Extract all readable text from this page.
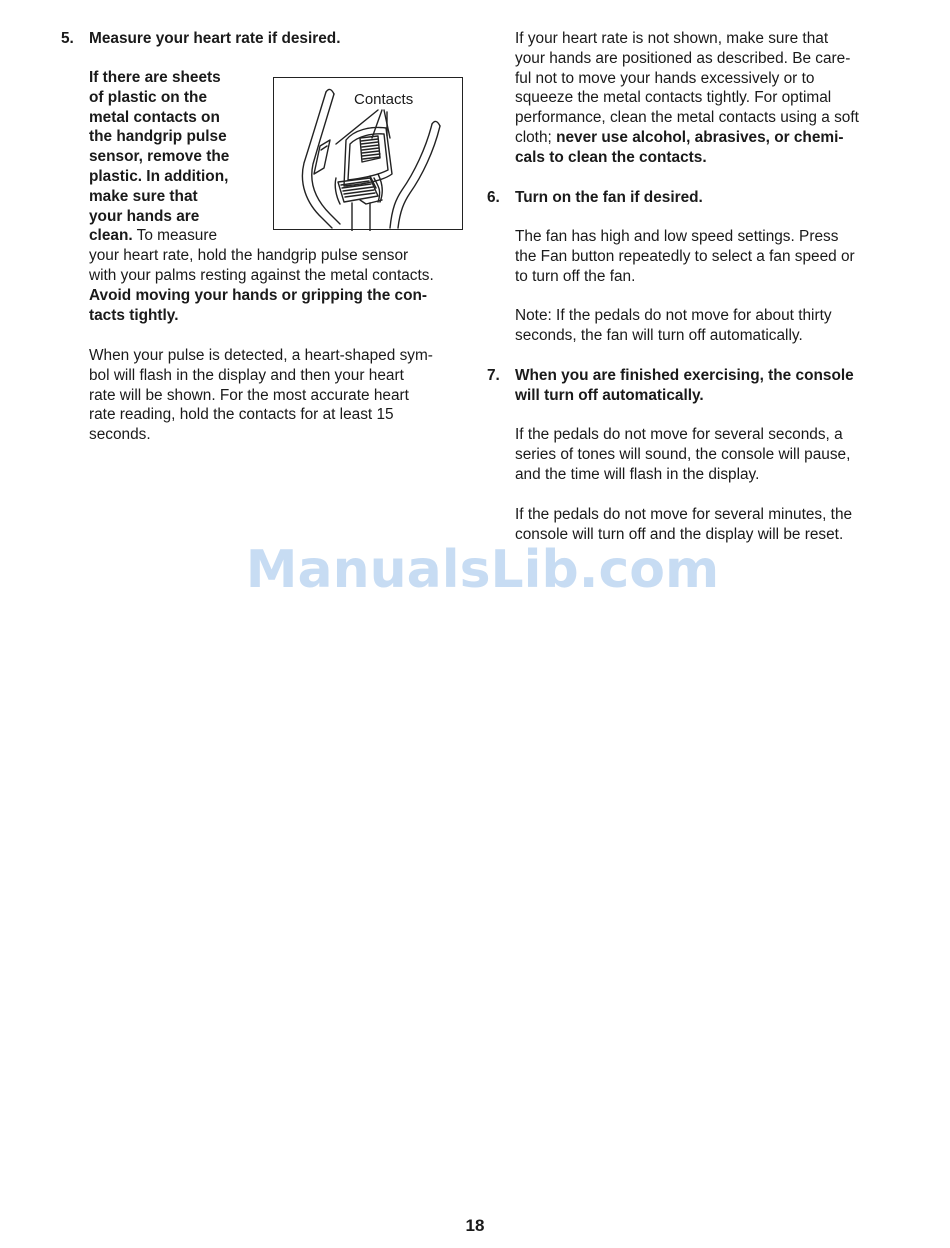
5. Measure your heart rate if desired.
If there are sheets
of plastic on the
metal contacts on
the handgrip pulse
sensor, remove the
plastic. In addition,
make sure that
your hands are
clean. To measure
your heart rate, hold the handgrip pulse sensor
with your palms resting against the metal contacts.
Avoid moving your hands or gripping the con-
tacts tightly.
When your pulse is detected, a heart-shaped sym-
bol will flash in the display and then your heart
rate will be shown. For the most accurate heart
rate reading, hold the contacts for at least 15
seconds.
Contacts
If your heart rate is not shown, make sure that
your hands are positioned as described. Be care-
ful not to move your hands excessively or to
squeeze the metal contacts tightly. For optimal
performance, clean the metal contacts using a soft
cloth; never use alcohol, abrasives, or chemi-
cals to clean the contacts.
6. Turn on the fan if desired.
The fan has high and low speed settings. Press
the Fan button repeatedly to select a fan speed or
to turn off the fan.
Note: If the pedals do not move for about thirty
seconds, the fan will turn off automatically.
7. When you are finished exercising, the console
will turn off automatically.
If the pedals do not move for several seconds, a
series of tones will sound, the console will pause,
and the time will flash in the display.
If the pedals do not move for several minutes, the
console will turn off and the display will be reset.
ManualsLib.com
18
